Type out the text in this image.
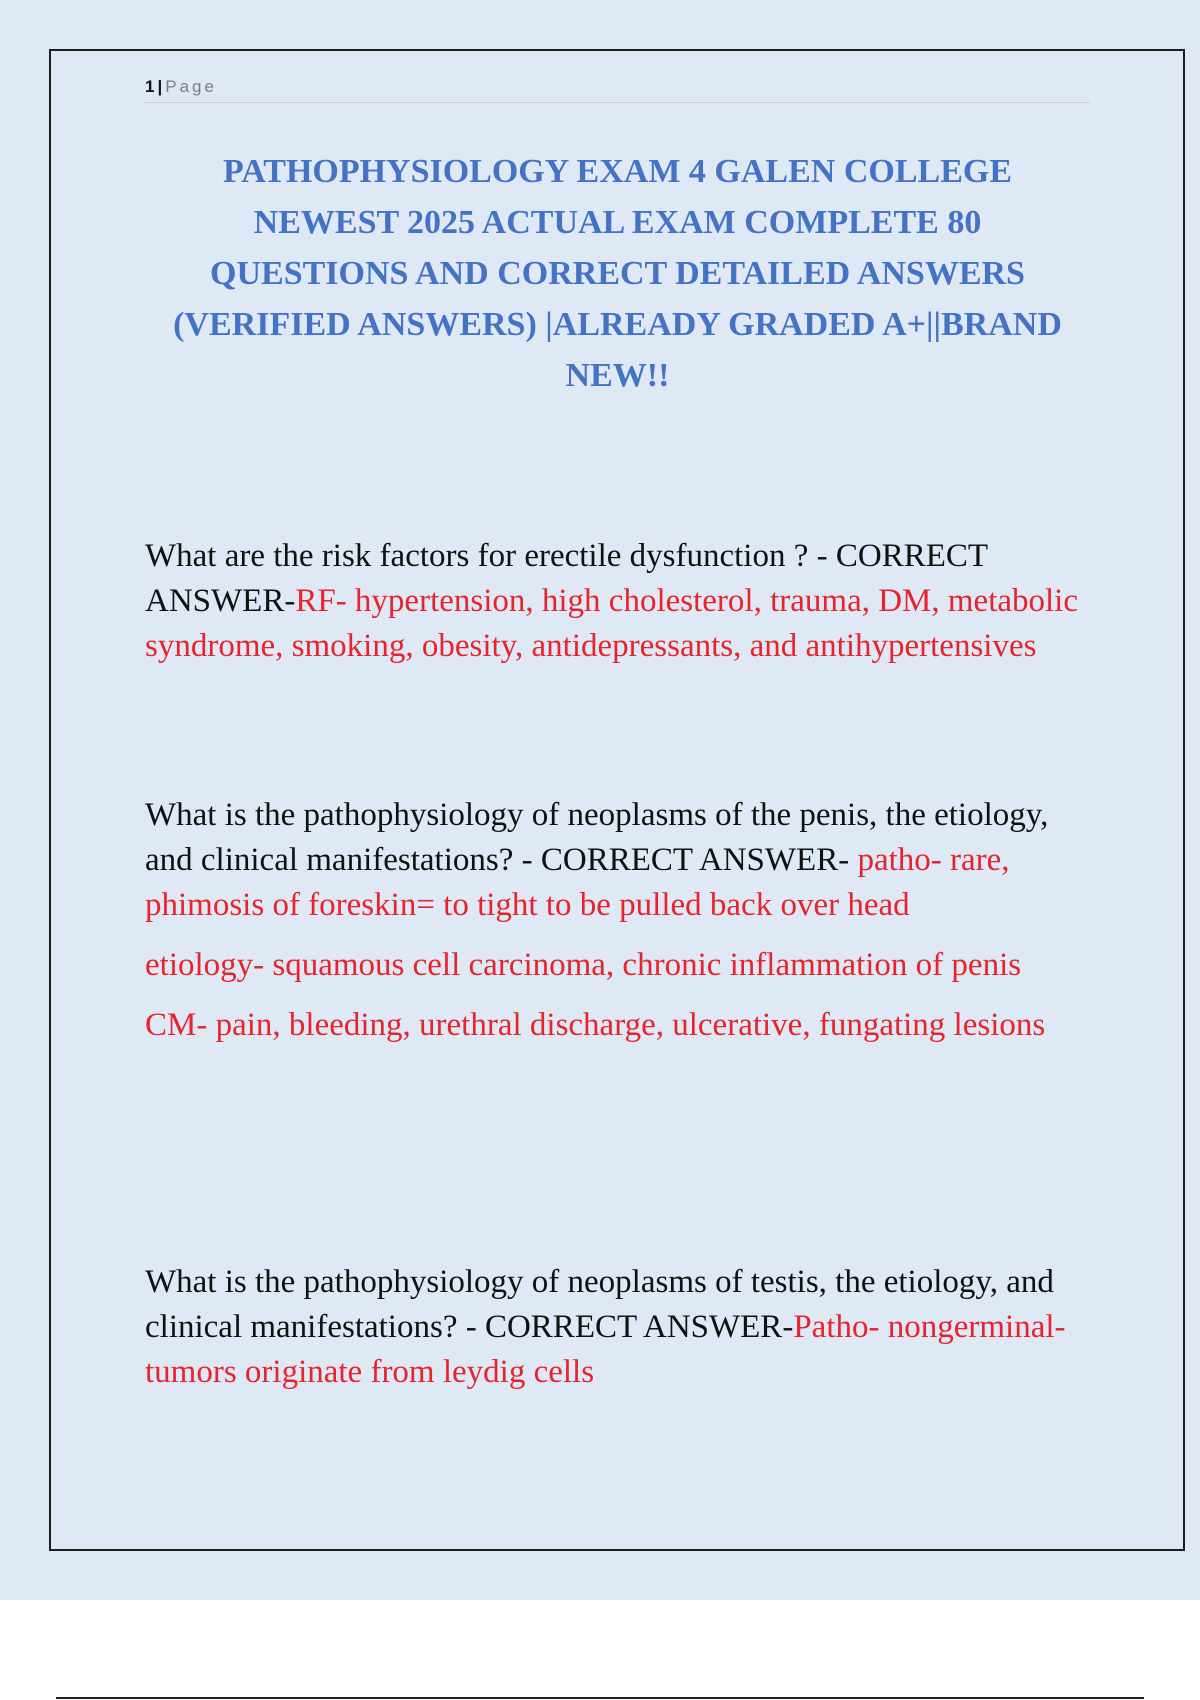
1 | Page
PATHOPHYSIOLOGY EXAM 4 GALEN COLLEGE NEWEST 2025 ACTUAL EXAM COMPLETE 80 QUESTIONS AND CORRECT DETAILED ANSWERS (VERIFIED ANSWERS) |ALREADY GRADED A+||BRAND NEW!!

What are the risk factors for erectile dysfunction ? - CORRECT ANSWER-RF- hypertension, high cholesterol, trauma, DM, metabolic syndrome, smoking, obesity, antidepressants, and antihypertensives

What is the pathophysiology of neoplasms of the penis, the etiology, and clinical manifestations? - CORRECT ANSWER- patho- rare, phimosis of foreskin= to tight to be pulled back over head

etiology- squamous cell carcinoma, chronic inflammation of penis

CM- pain, bleeding, urethral discharge, ulcerative, fungating lesions

What is the pathophysiology of neoplasms of testis, the etiology, and clinical manifestations? - CORRECT ANSWER-Patho- nongerminal- tumors originate from leydig cells
